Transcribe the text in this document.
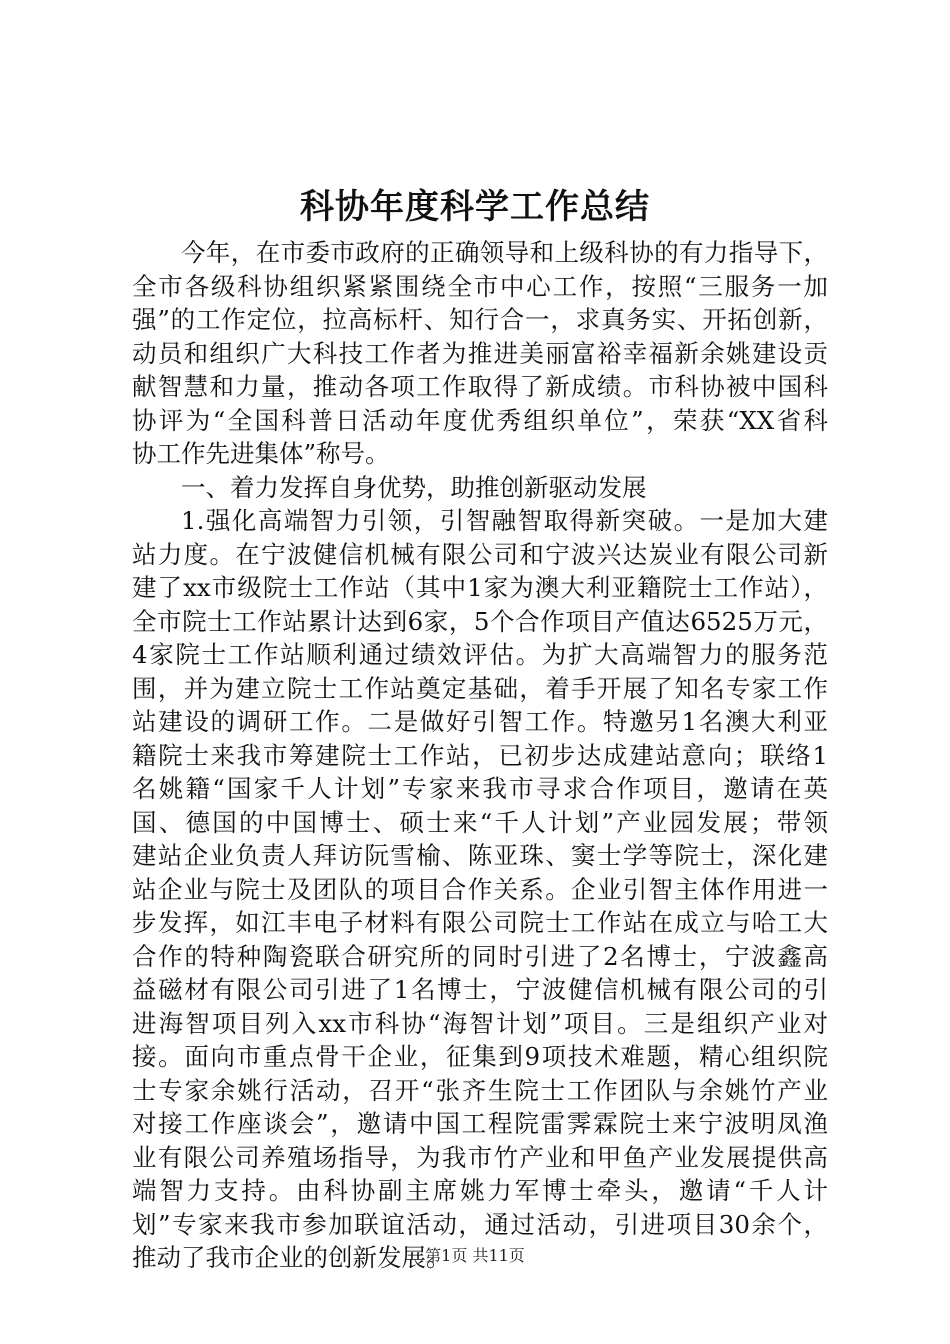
科协年度科学工作总结
今年，在市委市政府的正确领导和上级科协的有力指导下，
全市各级科协组织紧紧围绕全市中心工作，按照“三服务一加
强”的工作定位，拉高标杆、知行合一，求真务实、开拓创新，
动员和组织广大科技工作者为推进美丽富裕幸福新余姚建设贡
献智慧和力量，推动各项工作取得了新成绩。市科协被中国科
协评为“全国科普日活动年度优秀组织单位”，荣获“XX省科
协工作先进集体”称号。
一、着力发挥自身优势，助推创新驱动发展
1.强化高端智力引领，引智融智取得新突破。一是加大建
站力度。在宁波健信机械有限公司和宁波兴达炭业有限公司新
建了xx市级院士工作站（其中1家为澳大利亚籍院士工作站），
全市院士工作站累计达到6家，5个合作项目产值达6525万元，
4家院士工作站顺利通过绩效评估。为扩大高端智力的服务范
围，并为建立院士工作站奠定基础，着手开展了知名专家工作
站建设的调研工作。二是做好引智工作。特邀另1名澳大利亚
籍院士来我市筹建院士工作站，已初步达成建站意向；联络1
名姚籍“国家千人计划”专家来我市寻求合作项目，邀请在英
国、德国的中国博士、硕士来“千人计划”产业园发展；带领
建站企业负责人拜访阮雪榆、陈亚珠、窦士学等院士，深化建
站企业与院士及团队的项目合作关系。企业引智主体作用进一
步发挥，如江丰电子材料有限公司院士工作站在成立与哈工大
合作的特种陶瓷联合研究所的同时引进了2名博士，宁波鑫高
益磁材有限公司引进了1名博士，宁波健信机械有限公司的引
进海智项目列入xx市科协“海智计划”项目。三是组织产业对
接。面向市重点骨干企业，征集到9项技术难题，精心组织院
士专家余姚行活动，召开“张齐生院士工作团队与余姚竹产业
对接工作座谈会”，邀请中国工程院雷霁霖院士来宁波明凤渔
业有限公司养殖场指导，为我市竹产业和甲鱼产业发展提供高
端智力支持。由科协副主席姚力军博士牵头，邀请“千人计
划”专家来我市参加联谊活动，通过活动，引进项目30余个，
推动了我市企业的创新发展。
第1页 共11页
